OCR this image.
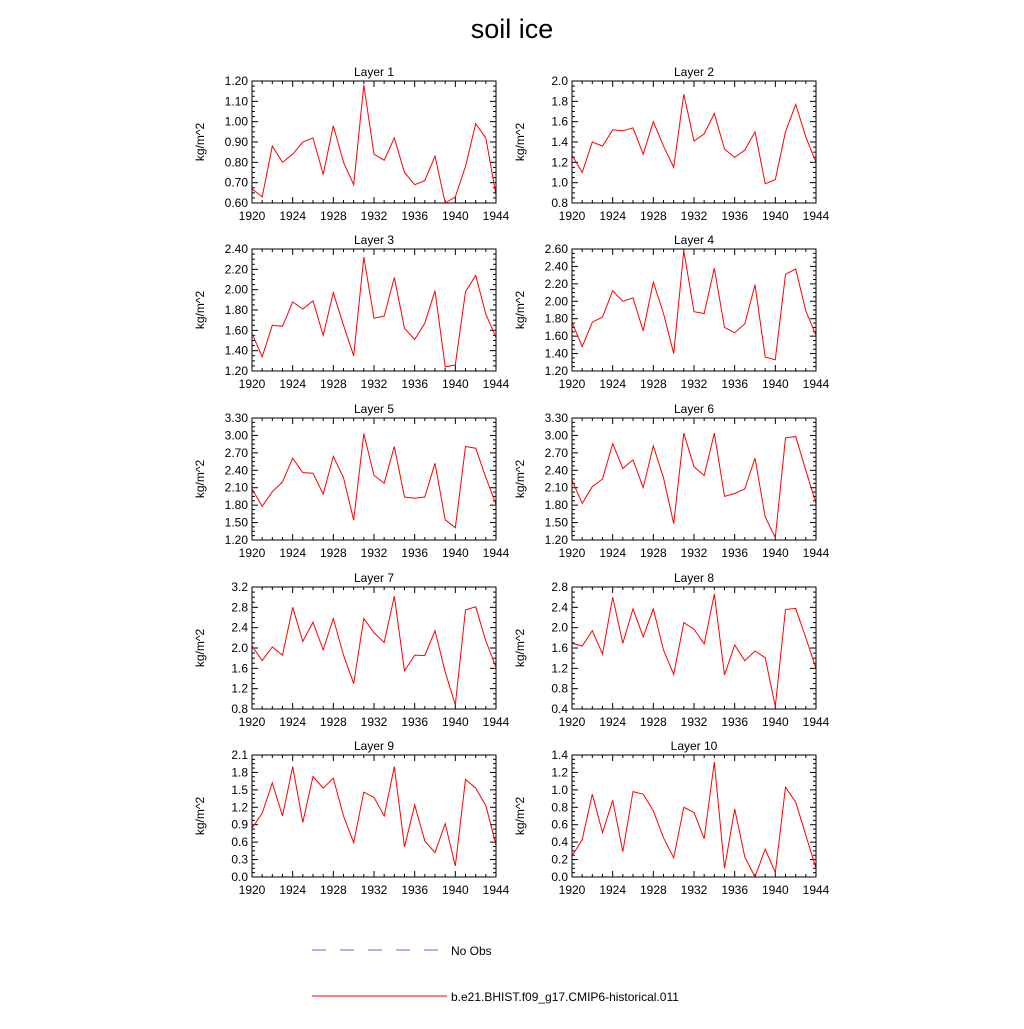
soil ice
Layer 1
kg/m^2
1920 1924 1928 1932 1936 1940 1944
0.60
0.70
0.80
0.90
1.00
1.10
1.20
Layer 2
kg/m^2
1920 1924 1928 1932 1936 1940 1944
0.8
1.0
1.2
1.4
1.6
1.8
2.0
Layer 3
kg/m^2
1920 1924 1928 1932 1936 1940 1944
1.20
1.40
1.60
1.80
2.00
2.20
2.40
Layer 4
kg/m^2
1920 1924 1928 1932 1936 1940 1944
1.20
1.40
1.60
1.80
2.00
2.20
2.40
2.60
Layer 5
kg/m^2
1920 1924 1928 1932 1936 1940 1944
1.20
1.50
1.80
2.10
2.40
2.70
3.00
3.30
Layer 6
kg/m^2
1920 1924 1928 1932 1936 1940 1944
1.20
1.50
1.80
2.10
2.40
2.70
3.00
3.30
Layer 7
kg/m^2
1920 1924 1928 1932 1936 1940 1944
0.8
1.2
1.6
2.0
2.4
2.8
3.2
Layer 8
kg/m^2
1920 1924 1928 1932 1936 1940 1944
0.4
0.8
1.2
1.6
2.0
2.4
2.8
Layer 9
kg/m^2
1920 1924 1928 1932 1936 1940 1944
0.0
0.3
0.6
0.9
1.2
1.5
1.8
2.1
Layer 10
kg/m^2
1920 1924 1928 1932 1936 1940 1944
0.0
0.2
0.4
0.6
0.8
1.0
1.2
1.4
No Obs
b.e21.BHIST.f09_g17.CMIP6-historical.011
